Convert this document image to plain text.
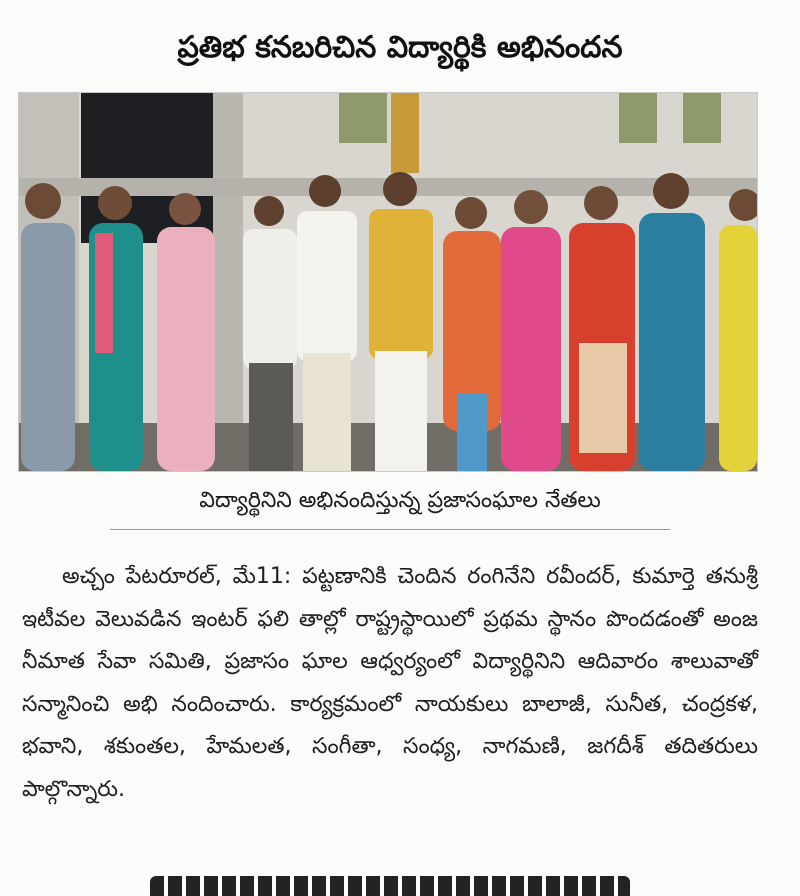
ప్రతిభ కనబరిచిన విద్యార్థికి అభినందన
విద్యార్థినిని అభినందిస్తున్న ప్రజాసంఘాల నేతలు

అచ్చం పేటరూరల్, మే11: పట్టణానికి చెందిన రంగినేని రవీందర్, కుమార్తె తనుశ్రీ ఇటీవల వెలువడిన ఇంటర్ ఫలి తాల్లో రాష్ట్రస్థాయిలో ప్రథమ స్థానం పొందడంతో అంజ నీమాత సేవా సమితి, ప్రజాసం ఘాల ఆధ్వర్యంలో విద్యార్థినిని ఆదివారం శాలువాతో సన్మానించి అభి నందించారు. కార్యక్రమంలో నాయకులు బాలాజీ, సునీత, చంద్రకళ, భవాని, శకుంతల, హేమలత, సంగీతా, సంధ్య, నాగమణి, జగదీశ్ తదితరులు పాల్గొన్నారు.
